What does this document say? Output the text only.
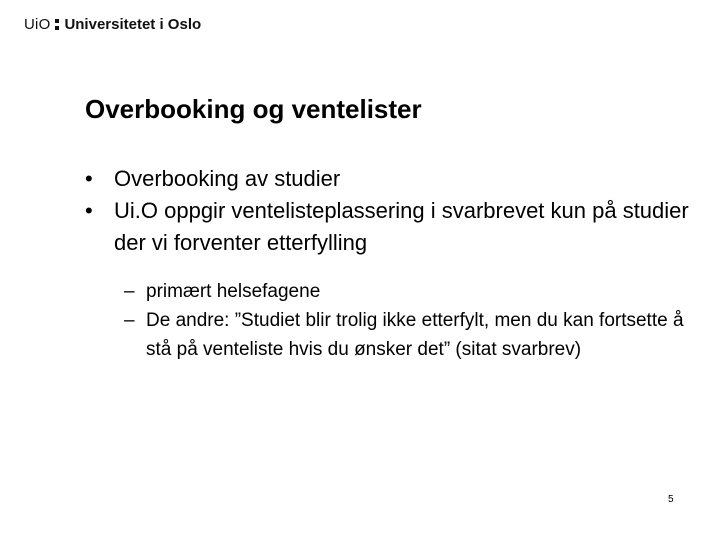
UiO Universitetet i Oslo
Overbooking og ventelister
• Overbooking av studier
• Ui.O oppgir ventelisteplassering i svarbrevet kun på studier der vi forventer etterfylling
– primært helsefagene
– De andre: ”Studiet blir trolig ikke etterfylt, men du kan fortsette å stå på venteliste hvis du ønsker det” (sitat svarbrev)
5
